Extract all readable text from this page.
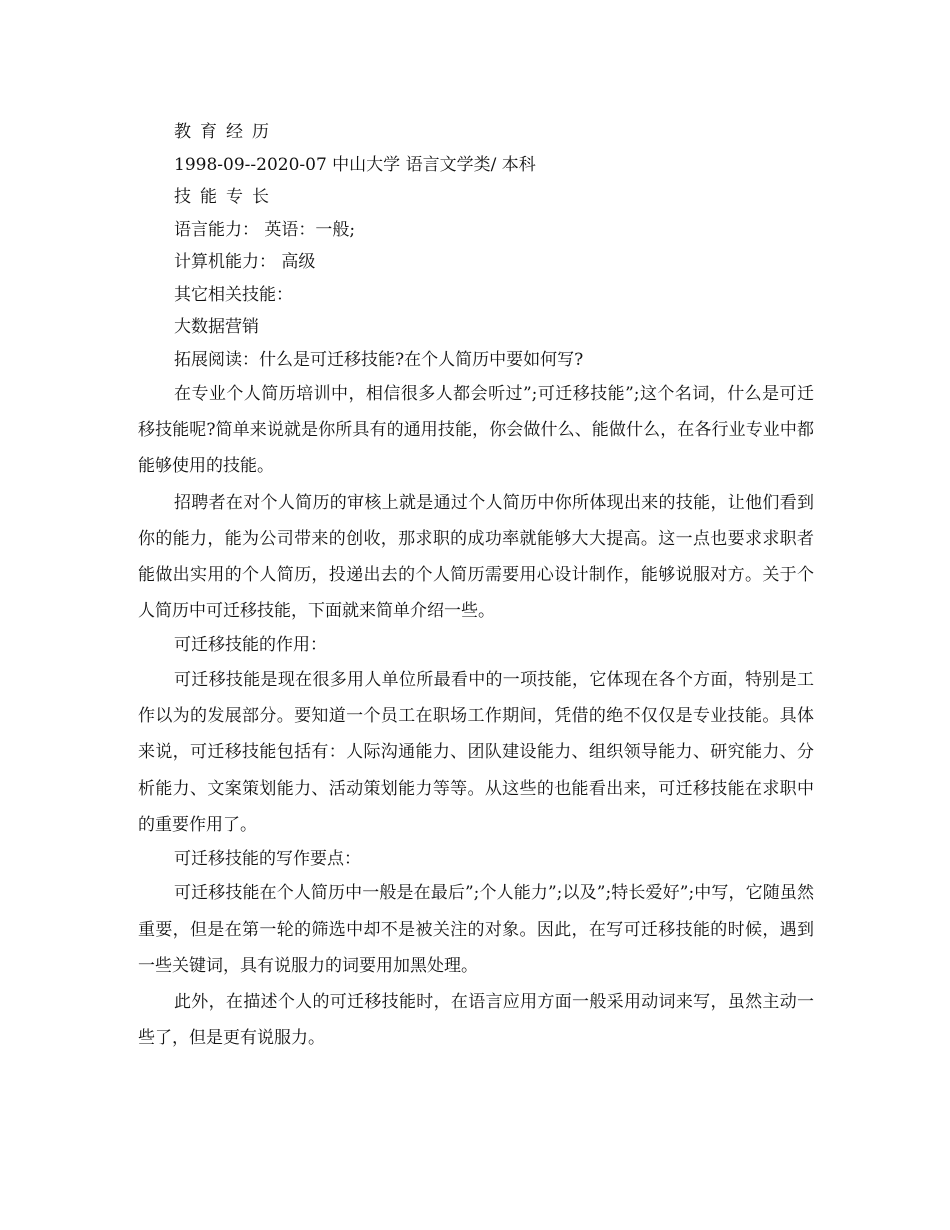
教育经历

1998-09--2020-07 中山大学 语言文学类/ 本科

技能专长

语言能力： 英语：一般;

计算机能力： 高级

其它相关技能：

大数据营销

拓展阅读：什么是可迁移技能?在个人简历中要如何写?

在专业个人简历培训中，相信很多人都会听过”;可迁移技能”;这个名词，什么是可迁移技能呢?简单来说就是你所具有的通用技能，你会做什么、能做什么，在各行业专业中都能够使用的技能。

招聘者在对个人简历的审核上就是通过个人简历中你所体现出来的技能，让他们看到你的能力，能为公司带来的创收，那求职的成功率就能够大大提高。这一点也要求求职者能做出实用的个人简历，投递出去的个人简历需要用心设计制作，能够说服对方。关于个人简历中可迁移技能，下面就来简单介绍一些。

可迁移技能的作用：

可迁移技能是现在很多用人单位所最看中的一项技能，它体现在各个方面，特别是工作以为的发展部分。要知道一个员工在职场工作期间，凭借的绝不仅仅是专业技能。具体来说，可迁移技能包括有：人际沟通能力、团队建设能力、组织领导能力、研究能力、分析能力、文案策划能力、活动策划能力等等。从这些的也能看出来，可迁移技能在求职中的重要作用了。

可迁移技能的写作要点：

可迁移技能在个人简历中一般是在最后”;个人能力”;以及”;特长爱好”;中写，它随虽然重要，但是在第一轮的筛选中却不是被关注的对象。因此，在写可迁移技能的时候，遇到一些关键词，具有说服力的词要用加黑处理。

此外，在描述个人的可迁移技能时，在语言应用方面一般采用动词来写，虽然主动一些了，但是更有说服力。
